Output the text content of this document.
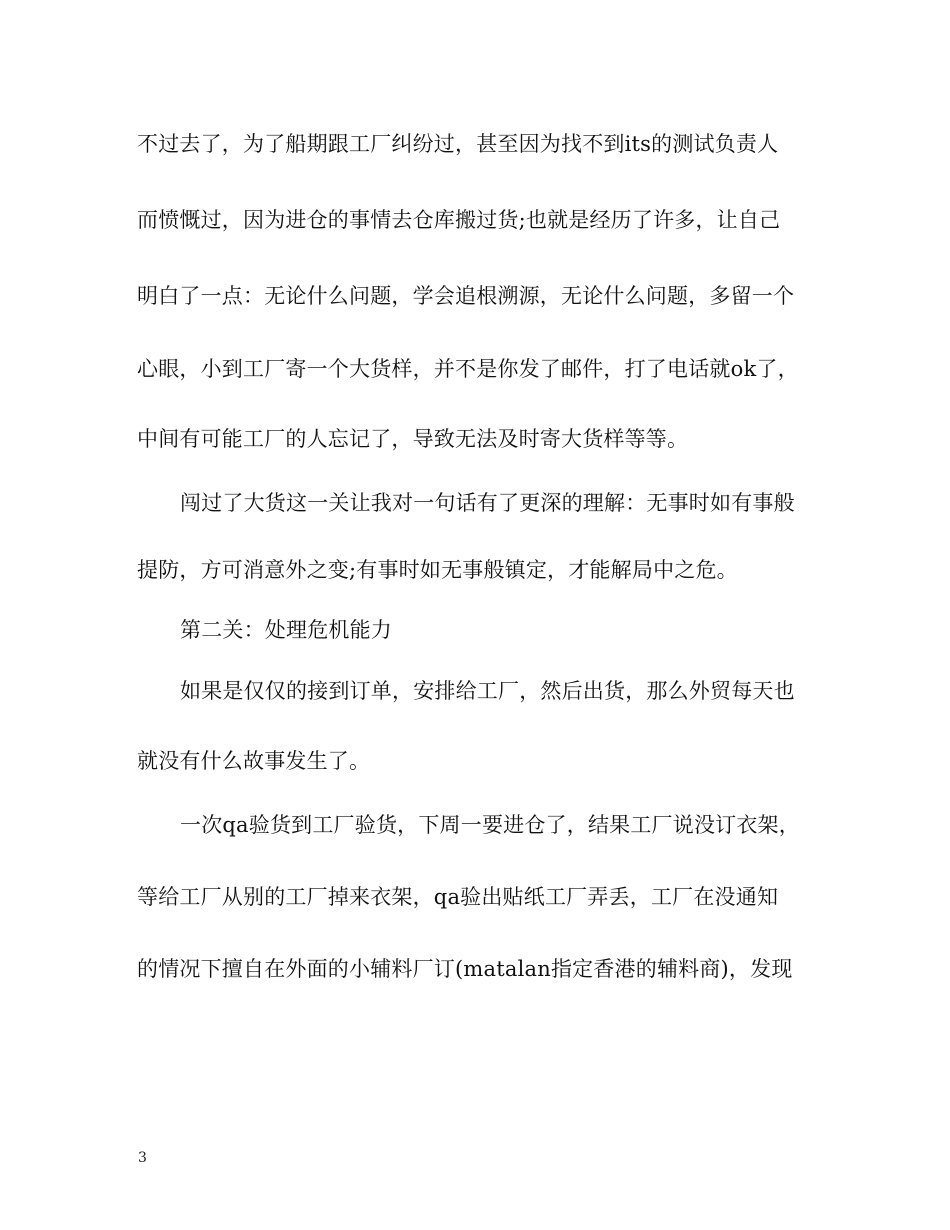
不过去了，为了船期跟工厂纠纷过，甚至因为找不到its的测试负责人
而愤慨过，因为进仓的事情去仓库搬过货;也就是经历了许多，让自己
明白了一点：无论什么问题，学会追根溯源，无论什么问题，多留一个
心眼，小到工厂寄一个大货样，并不是你发了邮件，打了电话就ok了，
中间有可能工厂的人忘记了，导致无法及时寄大货样等等。
闯过了大货这一关让我对一句话有了更深的理解：无事时如有事般
提防，方可消意外之变;有事时如无事般镇定，才能解局中之危。
第二关：处理危机能力
如果是仅仅的接到订单，安排给工厂，然后出货，那么外贸每天也
就没有什么故事发生了。
一次qa验货到工厂验货，下周一要进仓了，结果工厂说没订衣架，
等给工厂从别的工厂掉来衣架，qa验出贴纸工厂弄丢，工厂在没通知
的情况下擅自在外面的小辅料厂订(matalan指定香港的辅料商)，发现
3
